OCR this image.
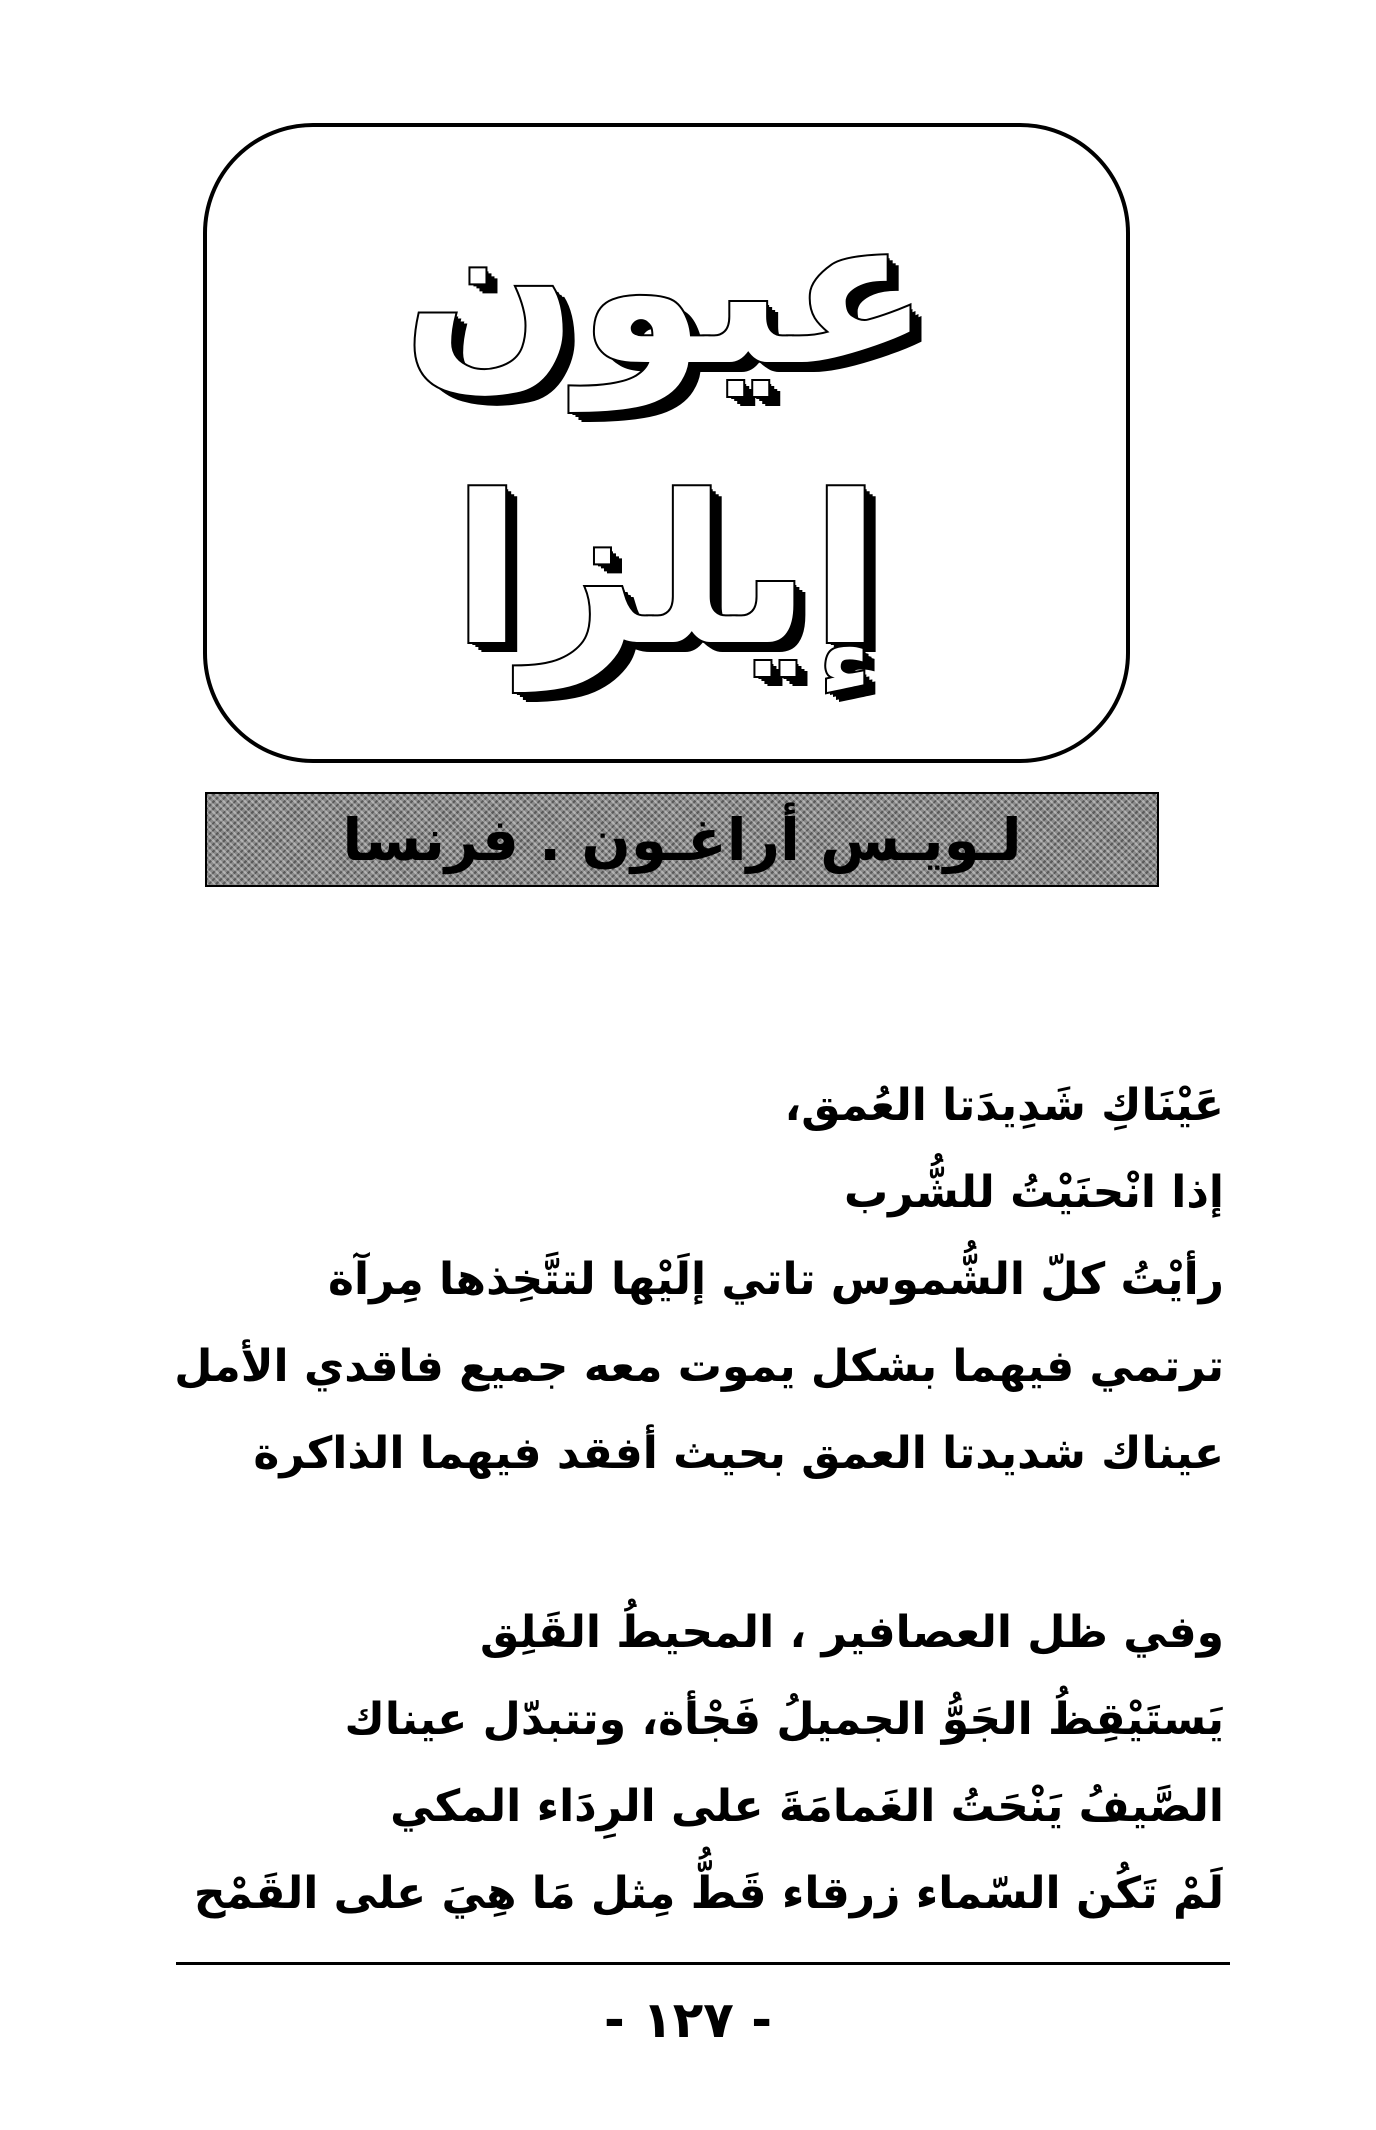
عيون
إيلزا
لـويـس أراغـون . فرنسا
عَيْنَاكِ شَدِيدَتا العُمق،
إذا انْحنَيْتُ للشُّرب
رأيْتُ كلّ الشُّموس تاتي إلَيْها لتتَّخِذها مِرآة
ترتمي فيهما بشكل يموت معه جميع فاقدي الأمل
عيناك شديدتا العمق بحيث أفقد فيهما الذاكرة
وفي ظل العصافير ، المحيطُ القَلِق
يَستَيْقِظُ الجَوُّ الجميلُ فَجْأة، وتتبدّل عيناك
الصَّيفُ يَنْحَتُ الغَمامَةَ على الرِدَاء المكي
لَمْ تَكُن السّماء زرقاء قَطُّ مِثل مَا هِيَ على القَمْح
- ١٢٧ -
